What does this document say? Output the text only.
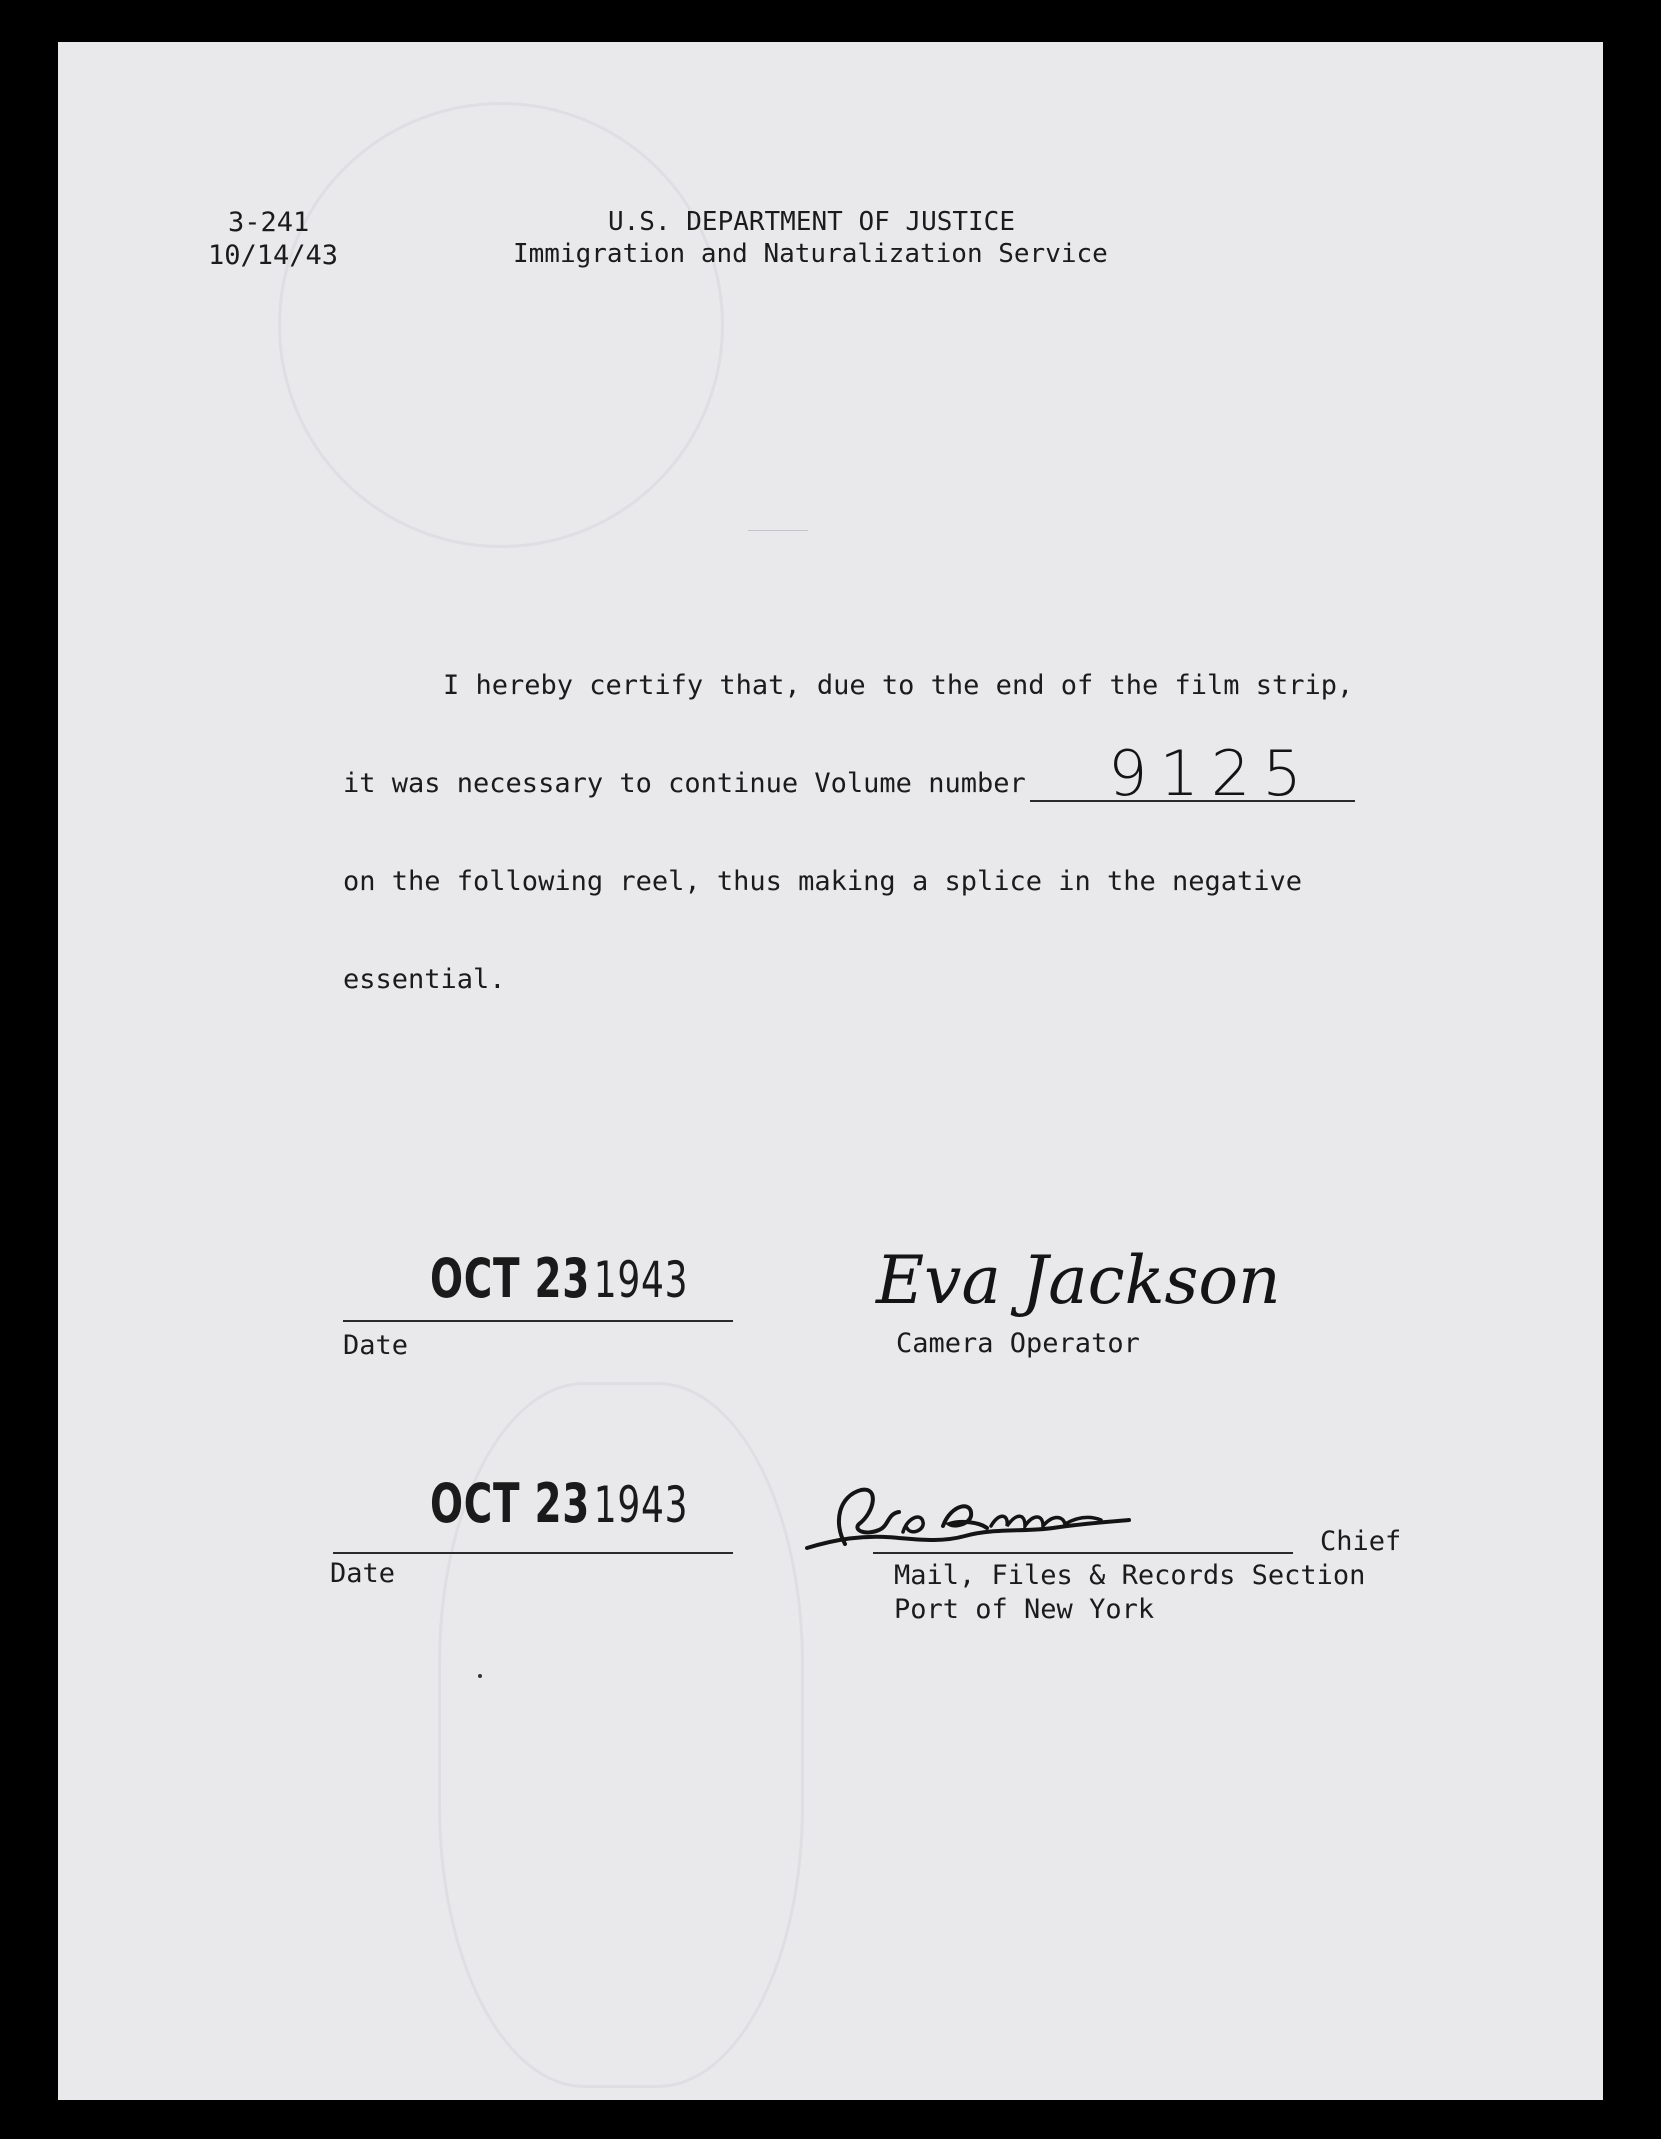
3-241
10/14/43
U.S. DEPARTMENT OF JUSTICE
Immigration and Naturalization Service
I hereby certify that, due to the end of the film strip,
it was necessary to continue Volume number 9125
on the following reel, thus making a splice in the negative
essential.
OCT 23 1943
Date
Eva Jackson
Camera Operator
OCT 23 1943
Date
Chief
Mail, Files & Records Section
Port of New York
